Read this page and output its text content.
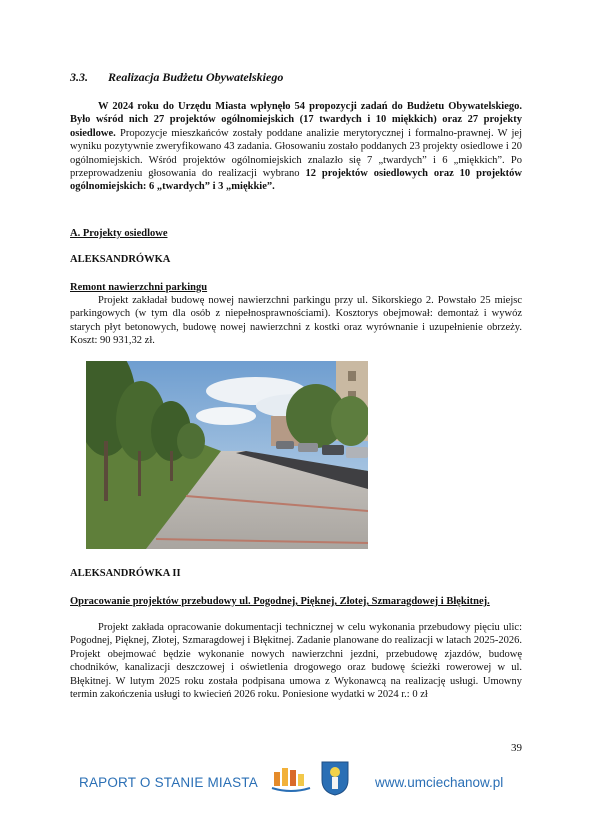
3.3. Realizacja Budżetu Obywatelskiego

W 2024 roku do Urzędu Miasta wpłynęło 54 propozycji zadań do Budżetu Obywatelskiego. Było wśród nich 27 projektów ogólnomiejskich (17 twardych i 10 miękkich) oraz 27 projekty osiedlowe. Propozycje mieszkańców zostały poddane analizie merytorycznej i formalno-prawnej. W jej wyniku pozytywnie zweryfikowano 43 zadania. Głosowaniu zostało poddanych 23 projekty osiedlowe i 20 ogólnomiejskich. Wśród projektów ogólnomiejskich znalazło się 7 „twardych” i 6 „miękkich”. Po przeprowadzeniu głosowania do realizacji wybrano 12 projektów osiedlowych oraz 10 projektów ogólnomiejskich: 6 „twardych” i 3 „miękkie”.

A. Projekty osiedlowe
ALEKSANDRÓWKA
Remont nawierzchni parkingu

Projekt zakładał budowę nowej nawierzchni parkingu przy ul. Sikorskiego 2. Powstało 25 miejsc parkingowych (w tym dla osób z niepełnosprawnościami). Kosztorys obejmował: demontaż i wywóz starych płyt betonowych, budowę nowej nawierzchni z kostki oraz wyrównanie i uzupełnienie obrzeży. Koszt: 90 931,32 zł.

ALEKSANDRÓWKA II

Opracowanie projektów przebudowy ul. Pogodnej, Pięknej, Złotej, Szmaragdowej i Błękitnej.

Projekt zakłada opracowanie dokumentacji technicznej w celu wykonania przebudowy pięciu ulic: Pogodnej, Pięknej, Złotej, Szmaragdowej i Błękitnej. Zadanie planowane do realizacji w latach 2025-2026. Projekt obejmować będzie wykonanie nowych nawierzchni jezdni, przebudowę zjazdów, budowę chodników, kanalizacji deszczowej i oświetlenia drogowego oraz budowę ścieżki rowerowej w ul. Błękitnej. W lutym 2025 roku została podpisana umowa z Wykonawcą na realizację usługi. Umowny termin zakończenia usługi to kwiecień 2026 roku. Poniesione wydatki w 2024 r.: 0 zł

39
RAPORT O STANIE MIASTA	www.umciechanow.pl
